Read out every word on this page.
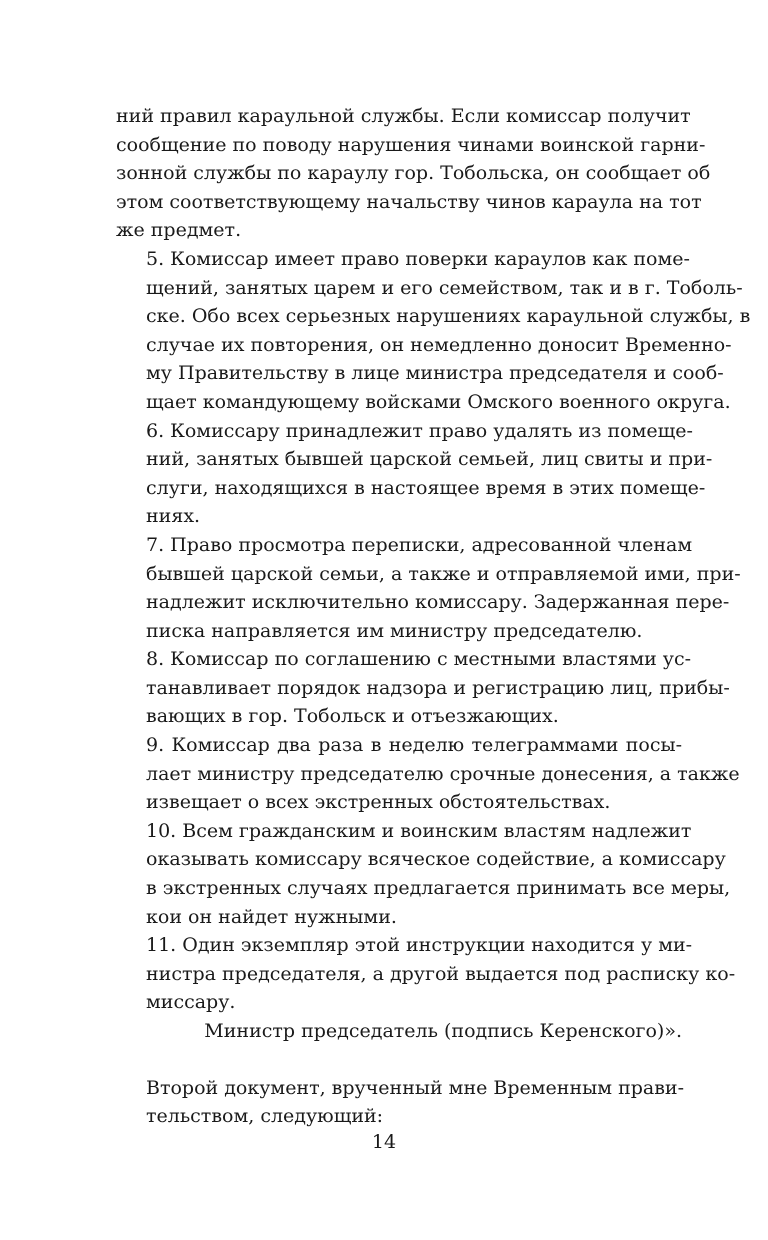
ний правил караульной службы. Если комиссар получит
сообщение по поводу нарушения чинами воинской гарни-
зонной службы по караулу гор. Тобольска, он сообщает об
этом соответствующему начальству чинов караула на тот
же предмет.

5. Комиссар имеет право поверки караулов как поме-
щений, занятых царем и его семейством, так и в г. Тоболь-
ске. Обо всех серьезных нарушениях караульной службы, в
случае их повторения, он немедленно доносит Временно-
му Правительству в лице министра председателя и сооб-
щает командующему войсками Омского военного округа.

6. Комиссару принадлежит право удалять из помеще-
ний, занятых бывшей царской семьей, лиц свиты и при-
слуги, находящихся в настоящее время в этих помеще-
ниях.

7. Право просмотра переписки, адресованной членам
бывшей царской семьи, а также и отправляемой ими, при-
надлежит исключительно комиссару. Задержанная пере-
писка направляется им министру председателю.

8. Комиссар по соглашению с местными властями ус-
танавливает порядок надзора и регистрацию лиц, прибы-
вающих в гор. Тобольск и отъезжающих.

9. Комиссар два раза в неделю телеграммами посы-
лает министру председателю срочные донесения, а также
извещает о всех экстренных обстоятельствах.

10. Всем гражданским и воинским властям надлежит
оказывать комиссару всяческое содействие, а комиссару
в экстренных случаях предлагается принимать все меры,
кои он найдет нужными.

11. Один экземпляр этой инструкции находится у ми-
нистра председателя, а другой выдается под расписку ко-
миссару.

Министр председатель (подпись Керенского)».

Второй документ, врученный мне Временным прави-
тельством, следующий:

14
